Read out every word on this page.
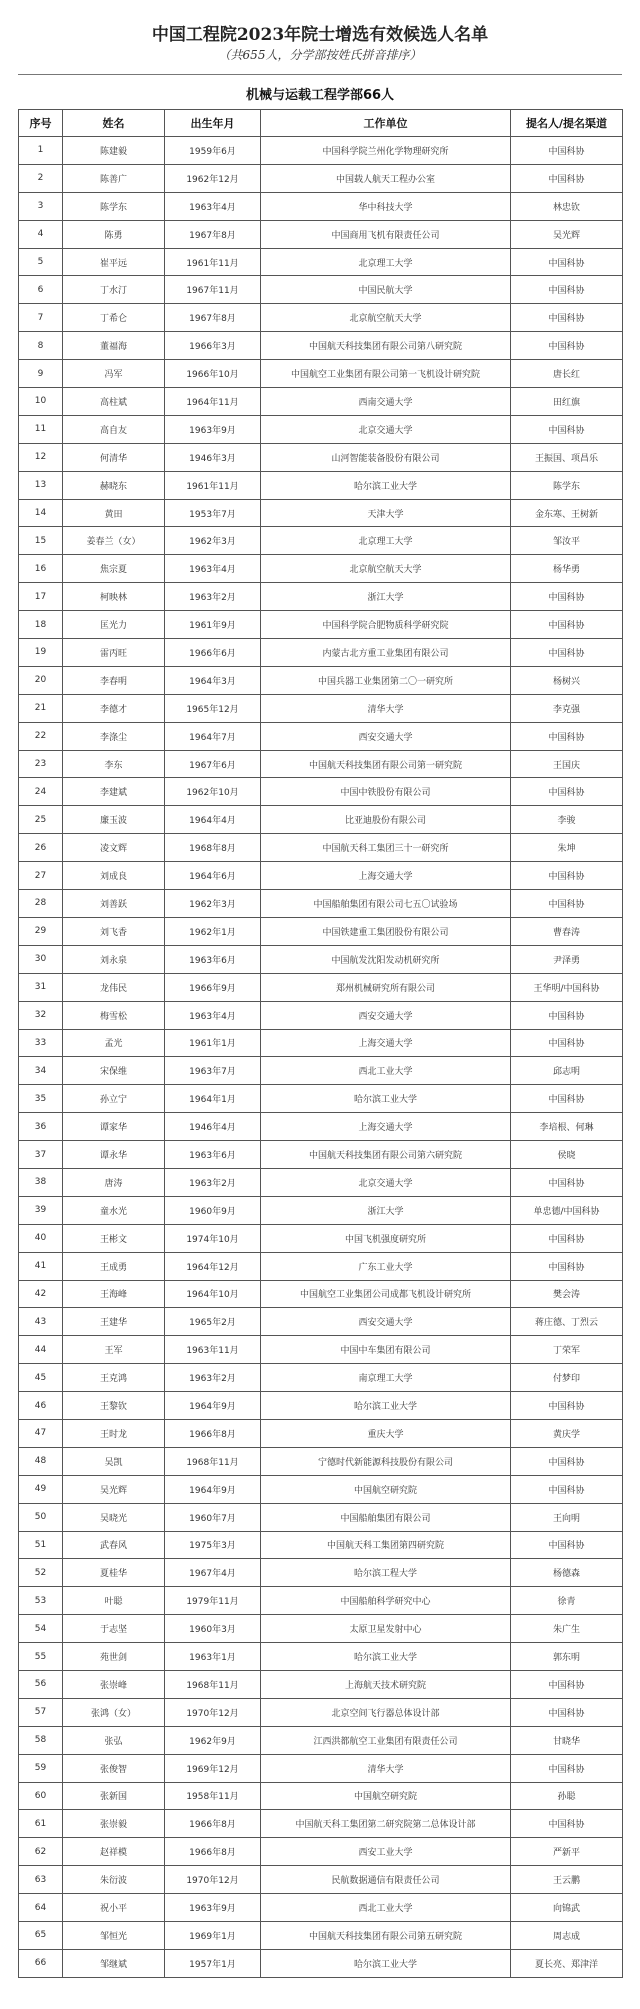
中国工程院2023年院士增选有效候选人名单
（共655人，分学部按姓氏拼音排序）
机械与运载工程学部66人
序号	姓名	出生年月	工作单位	提名人/提名渠道
1	陈建毅	1959年6月	中国科学院兰州化学物理研究所	中国科协
2	陈善广	1962年12月	中国载人航天工程办公室	中国科协
3	陈学东	1963年4月	华中科技大学	林忠钦
4	陈勇	1967年8月	中国商用飞机有限责任公司	吴光辉
5	崔平远	1961年11月	北京理工大学	中国科协
6	丁水汀	1967年11月	中国民航大学	中国科协
7	丁希仑	1967年8月	北京航空航天大学	中国科协
8	董福海	1966年3月	中国航天科技集团有限公司第八研究院	中国科协
9	冯军	1966年10月	中国航空工业集团有限公司第一飞机设计研究院	唐长红
10	高柱斌	1964年11月	西南交通大学	田红旗
11	高自友	1963年9月	北京交通大学	中国科协
12	何清华	1946年3月	山河智能装备股份有限公司	王振国、项昌乐
13	赫晓东	1961年11月	哈尔滨工业大学	陈学东
14	黄田	1953年7月	天津大学	金东寒、王树新
15	姜春兰（女）	1962年3月	北京理工大学	邹汝平
16	焦宗夏	1963年4月	北京航空航天大学	杨华勇
17	柯映林	1963年2月	浙江大学	中国科协
18	匡光力	1961年9月	中国科学院合肥物质科学研究院	中国科协
19	雷丙旺	1966年6月	内蒙古北方重工业集团有限公司	中国科协
20	李春明	1964年3月	中国兵器工业集团第二〇一研究所	杨树兴
21	李德才	1965年12月	清华大学	李克强
22	李涤尘	1964年7月	西安交通大学	中国科协
23	李东	1967年6月	中国航天科技集团有限公司第一研究院	王国庆
24	李建斌	1962年10月	中国中铁股份有限公司	中国科协
25	廉玉波	1964年4月	比亚迪股份有限公司	李骏
26	凌文辉	1968年8月	中国航天科工集团三十一研究所	朱坤
27	刘成良	1964年6月	上海交通大学	中国科协
28	刘善跃	1962年3月	中国船舶集团有限公司七五〇试验场	中国科协
29	刘飞香	1962年1月	中国铁建重工集团股份有限公司	曹春涛
30	刘永泉	1963年6月	中国航发沈阳发动机研究所	尹泽勇
31	龙伟民	1966年9月	郑州机械研究所有限公司	王华明/中国科协
32	梅雪松	1963年4月	西安交通大学	中国科协
33	孟光	1961年1月	上海交通大学	中国科协
34	宋保维	1963年7月	西北工业大学	邱志明
35	孙立宁	1964年1月	哈尔滨工业大学	中国科协
36	谭家华	1946年4月	上海交通大学	李培根、何琳
37	谭永华	1963年6月	中国航天科技集团有限公司第六研究院	侯晓
38	唐涛	1963年2月	北京交通大学	中国科协
39	童水光	1960年9月	浙江大学	单忠德/中国科协
40	王彬文	1974年10月	中国飞机强度研究所	中国科协
41	王成勇	1964年12月	广东工业大学	中国科协
42	王海峰	1964年10月	中国航空工业集团公司成都飞机设计研究所	樊会涛
43	王建华	1965年2月	西安交通大学	蒋庄德、丁烈云
44	王军	1963年11月	中国中车集团有限公司	丁荣军
45	王克鸿	1963年2月	南京理工大学	付梦印
46	王黎钦	1964年9月	哈尔滨工业大学	中国科协
47	王时龙	1966年8月	重庆大学	黄庆学
48	吴凯	1968年11月	宁德时代新能源科技股份有限公司	中国科协
49	吴光辉	1964年9月	中国航空研究院	中国科协
50	吴晓光	1960年7月	中国船舶集团有限公司	王向明
51	武春风	1975年3月	中国航天科工集团第四研究院	中国科协
52	夏桂华	1967年4月	哈尔滨工程大学	杨德森
53	叶聪	1979年11月	中国船舶科学研究中心	徐青
54	于志坚	1960年3月	太原卫星发射中心	朱广生
55	苑世剑	1963年1月	哈尔滨工业大学	郭东明
56	张崇峰	1968年11月	上海航天技术研究院	中国科协
57	张鸿（女）	1970年12月	北京空间飞行器总体设计部	中国科协
58	张弘	1962年9月	江西洪都航空工业集团有限责任公司	甘晓华
59	张俊智	1969年12月	清华大学	中国科协
60	张新国	1958年11月	中国航空研究院	孙聪
61	张崇毅	1966年8月	中国航天科工集团第二研究院第二总体设计部	中国科协
62	赵祥模	1966年8月	西安工业大学	严新平
63	朱衍波	1970年12月	民航数据通信有限责任公司	王云鹏
64	祝小平	1963年9月	西北工业大学	向锦武
65	邹恒光	1969年1月	中国航天科技集团有限公司第五研究院	周志成
66	邹继斌	1957年1月	哈尔滨工业大学	夏长亮、郑津洋
